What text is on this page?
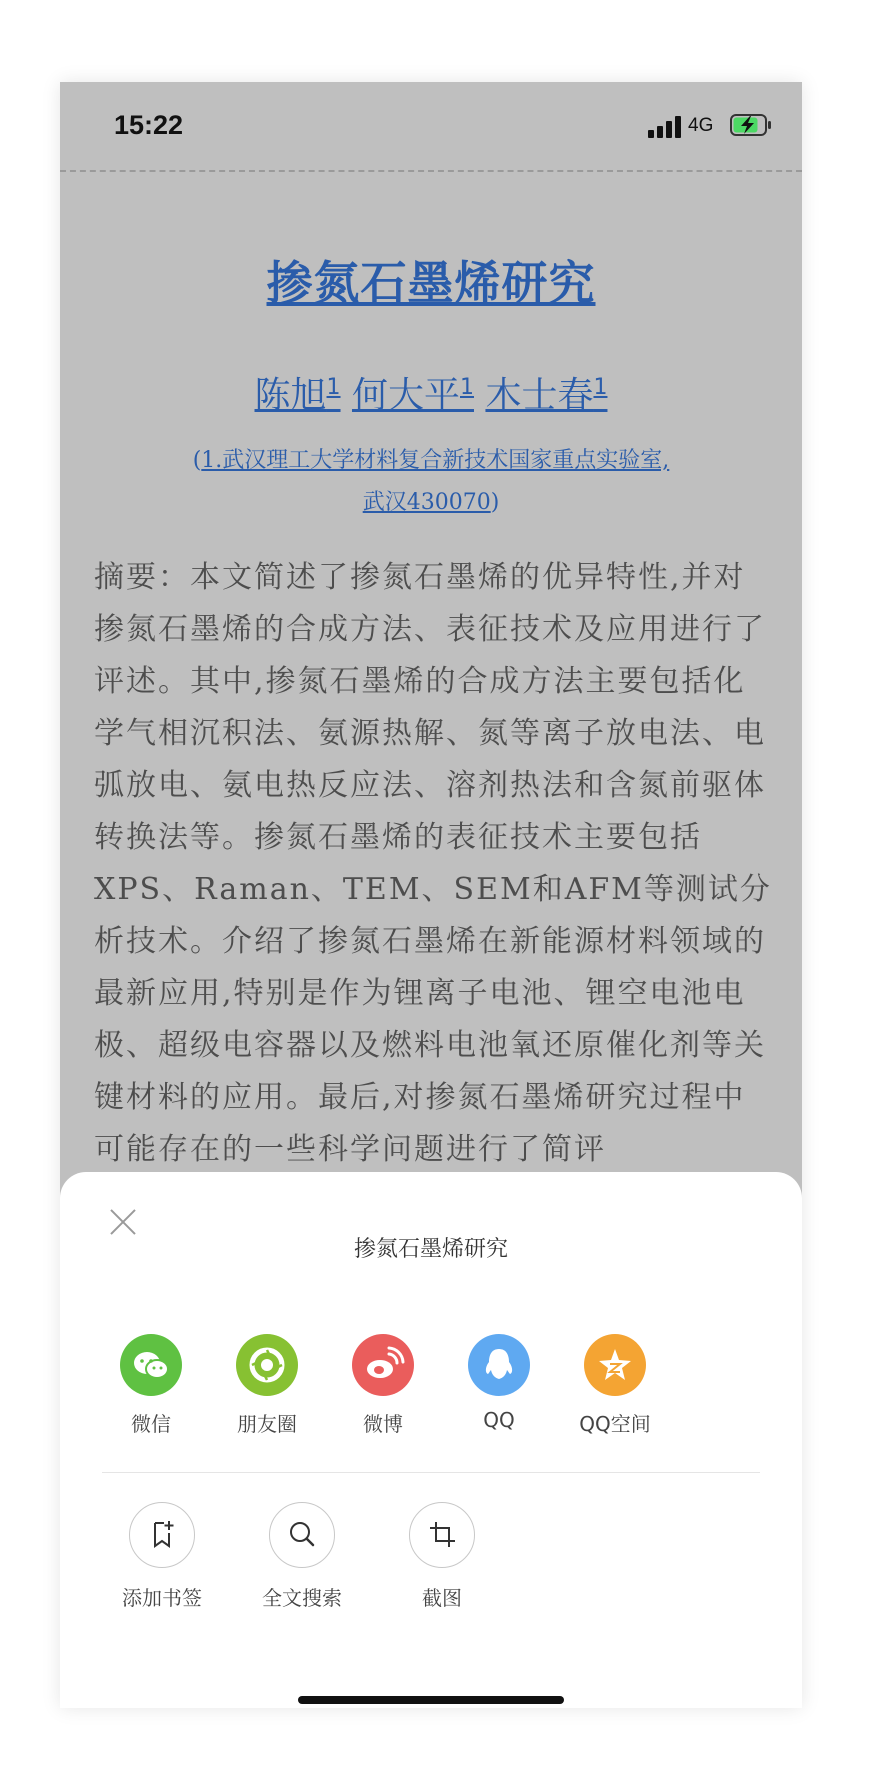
15:22	4G
掺氮石墨烯研究
陈旭$^1$ 何大平$^1$ 木士春$^1$
(1.武汉理工大学材料复合新技术国家重点实验室,
武汉430070)
摘要：本文简述了掺氮石墨烯的优异特性,并对掺氮石墨烯的合成方法、表征技术及应用进行了评述。其中,掺氮石墨烯的合成方法主要包括化学气相沉积法、氨源热解、氮等离子放电法、电弧放电、氨电热反应法、溶剂热法和含氮前驱体转换法等。掺氮石墨烯的表征技术主要包括XPS、Raman、TEM、SEM和AFM等测试分析技术。介绍了掺氮石墨烯在新能源材料领域的最新应用,特别是作为锂离子电池、锂空电池电极、超级电容器以及燃料电池氧还原催化剂等关键材料的应用。最后,对掺氮石墨烯研究过程中可能存在的一些科学问题进行了简评
掺氮石墨烯研究
微信	朋友圈	微博	QQ	QQ空间
添加书签	全文搜索	截图
